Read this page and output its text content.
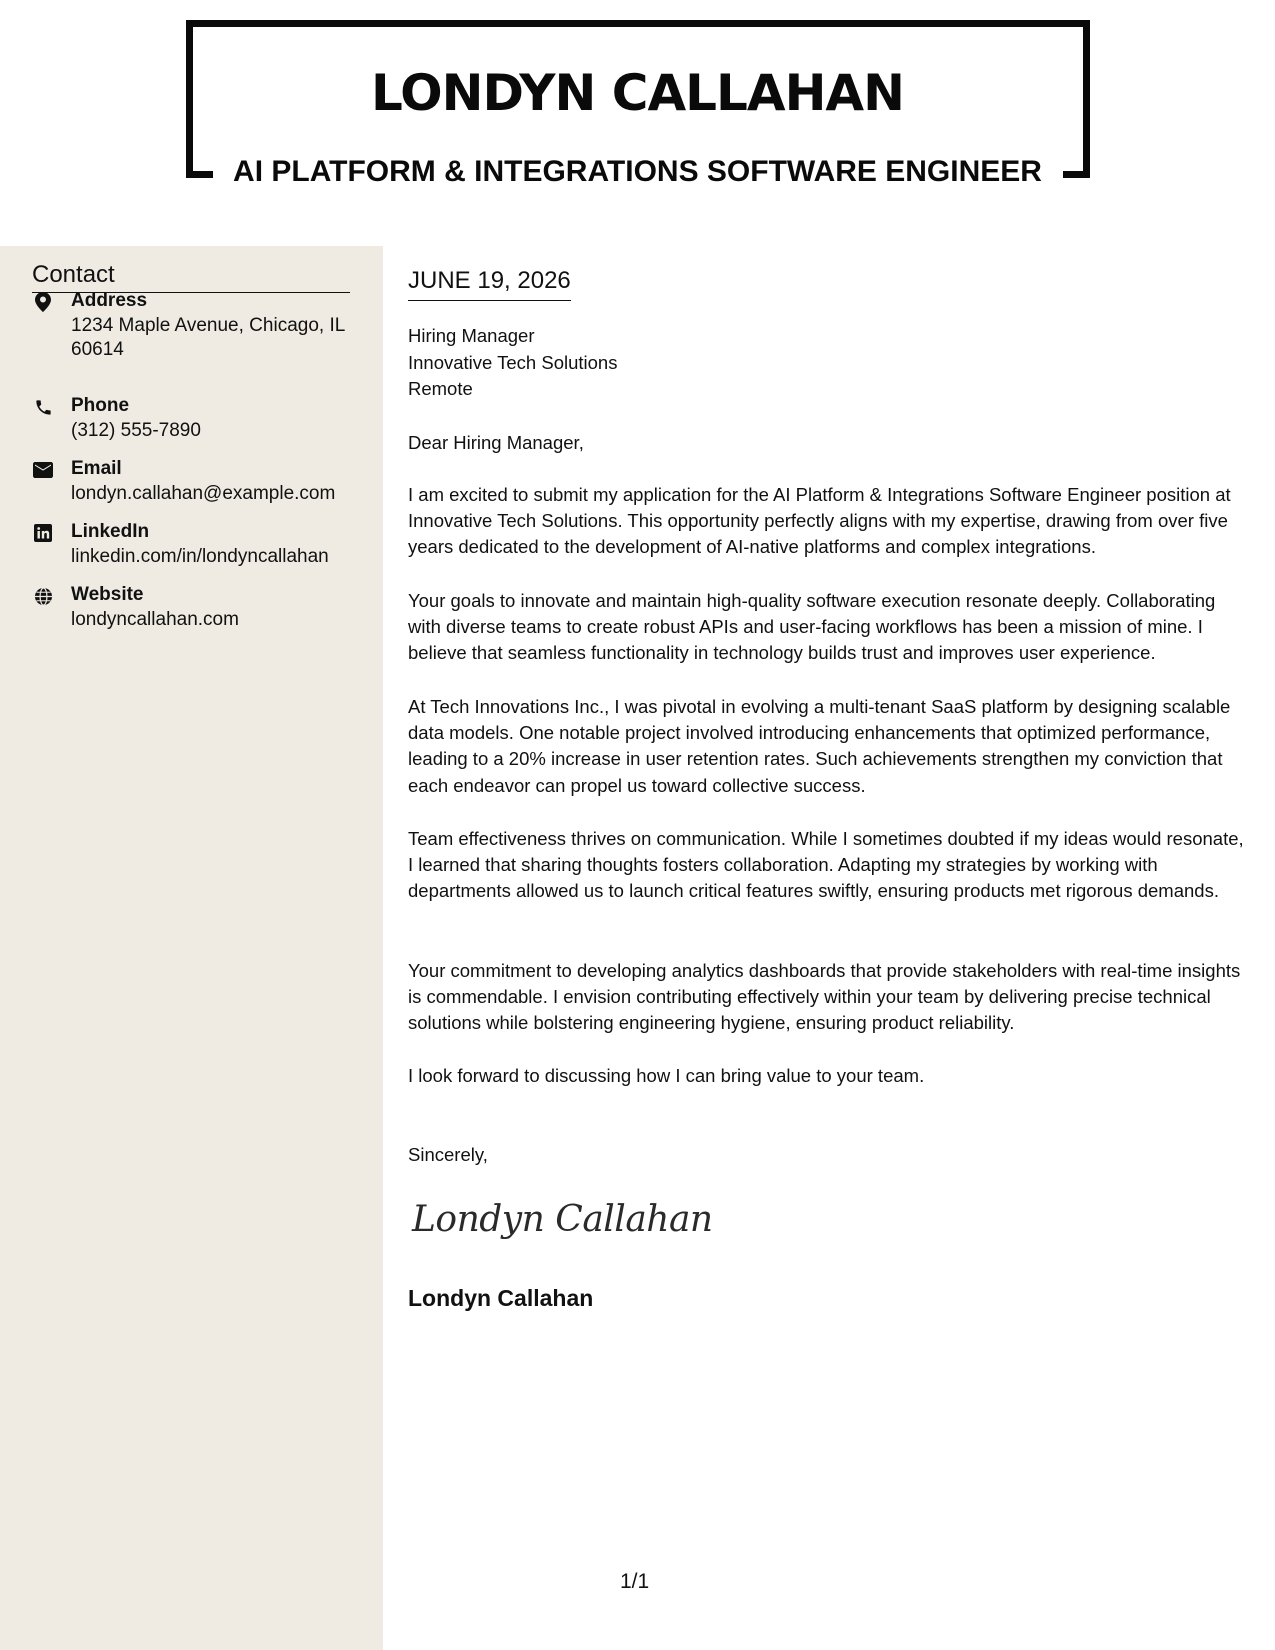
LONDYN CALLAHAN
AI PLATFORM & INTEGRATIONS SOFTWARE ENGINEER
Contact
Address
1234 Maple Avenue, Chicago, IL 60614
Phone
(312) 555-7890
Email
londyn.callahan@example.com
LinkedIn
linkedin.com/in/londyncallahan
Website
londyncallahan.com
JUNE 19, 2026
Hiring Manager
Innovative Tech Solutions
Remote
Dear Hiring Manager,

I am excited to submit my application for the AI Platform & Integrations Software Engineer position at Innovative Tech Solutions. This opportunity perfectly aligns with my expertise, drawing from over five years dedicated to the development of AI-native platforms and complex integrations.

Your goals to innovate and maintain high-quality software execution resonate deeply. Collaborating with diverse teams to create robust APIs and user-facing workflows has been a mission of mine. I believe that seamless functionality in technology builds trust and improves user experience.

At Tech Innovations Inc., I was pivotal in evolving a multi-tenant SaaS platform by designing scalable data models. One notable project involved introducing enhancements that optimized performance, leading to a 20% increase in user retention rates. Such achievements strengthen my conviction that each endeavor can propel us toward collective success.

Team effectiveness thrives on communication. While I sometimes doubted if my ideas would resonate, I learned that sharing thoughts fosters collaboration. Adapting my strategies by working with departments allowed us to launch critical features swiftly, ensuring products met rigorous demands.

Your commitment to developing analytics dashboards that provide stakeholders with real-time insights is commendable. I envision contributing effectively within your team by delivering precise technical solutions while bolstering engineering hygiene, ensuring product reliability.

I look forward to discussing how I can bring value to your team.

Sincerely,
Londyn Callahan
Londyn Callahan
1/1
